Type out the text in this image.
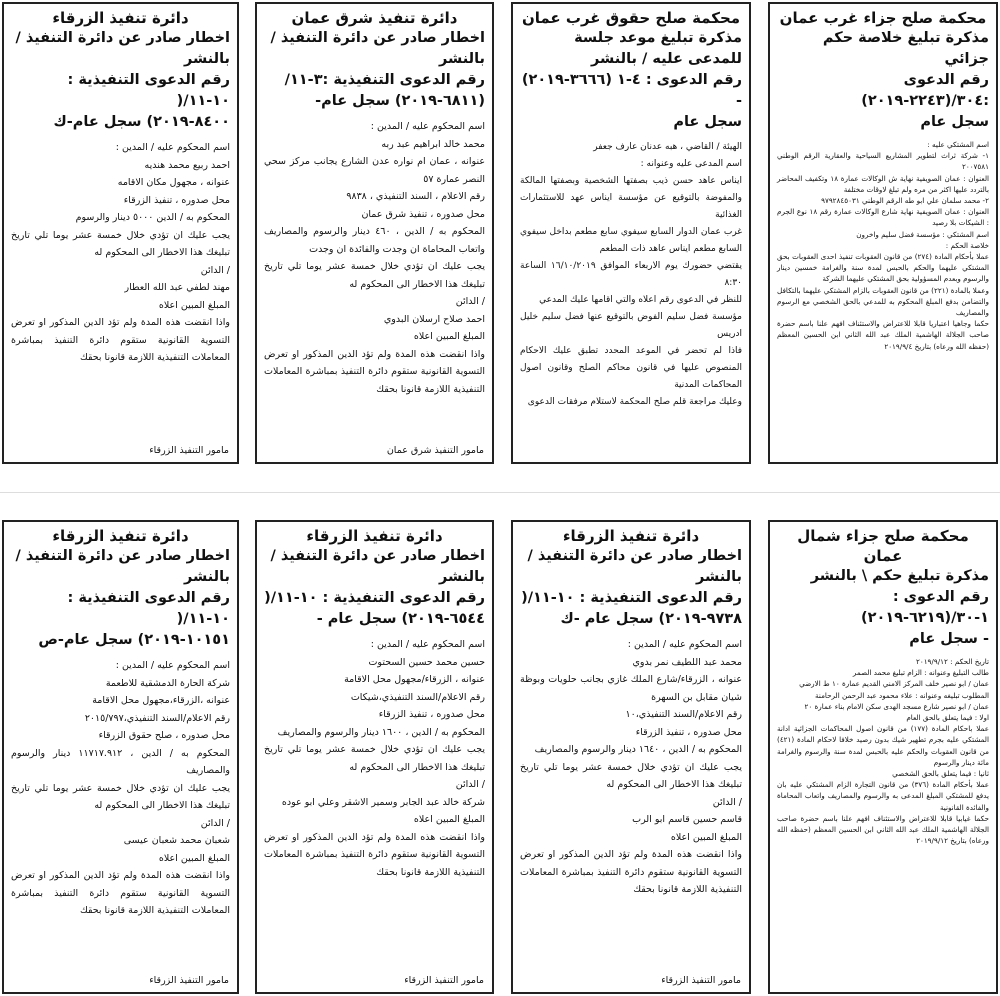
دائرة تنفيذ الزرقاء
اخطار صادر عن دائرة التنفيذ / بالنشر
رقم الدعوى التنفيذية : ١٠-١١/(
٨٤٠٠-٢٠١٩) سجل عام-ك

اسم المحكوم عليه / المدين :

احمد ربيع محمد هنديه

عنوانه ، مجهول مكان الاقامه

محل صدوره ، تنفيذ الزرقاء

المحكوم به / الدين ٥٠٠٠ دينار والرسوم

يجب عليك ان تؤدي خلال خمسة عشر يوما تلي تاريخ تبليغك هذا الاخطار الى المحكوم له

/ الدائن

مهند لطفي عبد الله العطار

المبلغ المبين اعلاه

واذا انقضت هذه المدة ولم تؤد الدين المذكور او تعرض التسوية القانونية ستقوم دائرة التنفيذ بمباشرة المعاملات التنفيذية اللازمة قانونا بحقك

مامور التنفيذ الزرقاء
دائرة تنفيذ شرق عمان
اخطار صادر عن دائرة التنفيذ / بالنشر
رقم الدعوى التنفيذية :٣-١١/
(٦٨١١-٢٠١٩) سجل عام-

اسم المحكوم عليه / المدين :

محمد خالد ابراهيم عبد ربه

عنوانه ، عمان ام نواره عدن الشارع يجانب مركز سحي النصر عمارة ٥٧

رقم الاعلام ، السند التنفيذي ، ٩٨٣٨

محل صدوره ، تنفيذ شرق عمان

المحكوم به / الدين ، ٤٦٠ دينار والرسوم والمصاريف واتعاب المحاماة ان وجدت والفائدة ان وجدت

يجب عليك ان تؤدي خلال خمسة عشر يوما تلي تاريخ تبليغك هذا الاخطار الى المحكوم له

/ الدائن

احمد صلاح ارسلان البدوي

المبلغ المبين اعلاه

واذا انقضت هذه المدة ولم تؤد الدين المذكور او تعرض التسوية القانونية ستقوم دائرة التنفيذ بمباشرة المعاملات التنفيذية اللازمة قانونا بحقك

مامور التنفيذ شرق عمان
محكمة صلح حقوق غرب عمان
مذكرة تبليغ موعد جلسة للمدعى عليه / بالنشر
رقم الدعوى : ٤-١ (٣٦٦٦-٢٠١٩) -
سجل عام

الهيئة / القاضي ، هبه عدنان عارف جعفر

اسم المدعى عليه وعنوانه :

ايناس عاهد حسن ذيب بصفتها الشخصية وبصفتها المالكة والمفوضة بالتوقيع عن مؤسسة ايناس عهد للاستثمارات الغذائية

غرب عمان الدوار السابع سيفوي سابع مطعم بداخل سيفوي السابع مطعم ايناس عاهد ذات المطعم

يقتضي حضورك يوم الاربعاء الموافق ١٦/١٠/٢٠١٩ الساعة ٨:٣٠

للنظر في الدعوى رقم اعلاه والتي اقامها عليك المدعي

مؤسسة فضل سليم الفوض بالتوقيع عنها فضل سليم خليل ادريس

فاذا لم تحضر في الموعد المحدد تطبق عليك الاحكام المنصوص عليها في قانون محاكم الصلح وقانون اصول المحاكمات المدنية

وعليك مراجعة قلم صلح المحكمة لاستلام مرفقات الدعوى

محكمة صلح جزاء غرب عمان
مذكرة تبليغ خلاصة حكم جزائي
رقم الدعوى :٣٠٤/(٢٢٤٣-٢٠١٩)
سجل عام

اسم المشتكي عليه :

١- شركة ثراث لتطوير المشاريع السياحية والعقارية الرقم الوطني ٢٠٠٧٥٨١

العنوان : عمان الصويفية نهاية ش الوكالات عمارة ١٨ وتكفيف المحاضر بالتردد عليها اكثر من مره ولم تبلغ لاوقات مختلفة

٢- محمد سلمان علي ابو طه الرقم الوطني ٩٧٩٢٨٤٥٠٣١

العنوان : عمان الصويفية نهاية شارع الوكالات عمارة رقم ١٨ نوع الجرم : الشيكات بلا رصيد

اسم المشتكي : مؤسسة فضل سليم واخرون

خلاصة الحكم :

عملا بأحكام المادة (٢٧٤) من قانون العقوبات تنفيذ احدى العقوبات بحق المشتكي عليهما والحكم بالحبس لمدة سنة والغرامة خمسين دينار والرسوم وبعدم المسؤولية بحق المشتكي عليهما الشركة

وعملا بالمادة (٢٢١) من قانون العقوبات بالزام المشتكي عليهما بالتكافل والتضامن بدفع المبلغ المحكوم به للمدعي بالحق الشخصي مع الرسوم والمصاريف

حكما وجاهيا اعتباريا قابلا للاعتراض والاستئناف افهم علنا باسم حضرة صاحب الجلالة الهاشمية الملك عبد الله الثاني ابن الحسين المعظم (حفظه الله ورعاه) بتاريخ ٢٠١٩/٩/٤

دائرة تنفيذ الزرقاء
اخطار صادر عن دائرة التنفيذ / بالنشر
رقم الدعوى التنفيذية : ١٠-١١/(
١٠١٥١-٢٠١٩) سجل عام-ص

اسم المحكوم عليه / المدين :

شركة الحارة الدمشقية للاطعمة

عنوانه ،الزرقاء،مجهول محل الاقامة

رقم الاعلام/السند التنفيذي،٢٠١٥/٧٩٧

محل صدوره ، صلح حقوق الزرقاء

المحكوم به / الدين ، ١١٧١٧.٩١٢ دينار والرسوم والمصاريف

يجب عليك ان تؤدي خلال خمسة عشر يوما تلي تاريخ تبليغك هذا الاخطار الى المحكوم له

/ الدائن

شعبان محمد شعبان عيسى

المبلغ المبين اعلاه

واذا انقضت هذه المدة ولم تؤد الدين المذكور او تعرض التسوية القانونية ستقوم دائرة التنفيذ بمباشرة المعاملات التنفيذية اللازمة قانونا بحقك

مامور التنفيذ الزرقاء
دائرة تنفيذ الزرقاء
اخطار صادر عن دائرة التنفيذ / بالنشر
رقم الدعوى التنفيذية : ١٠-١١/(
٦٥٤٤-٢٠١٩) سجل عام -

اسم المحكوم عليه / المدين :

حسين محمد حسين السحتوت

عنوانه ، الزرقاء/مجهول محل الاقامة

رقم الاعلام/السند التنفيذي،شيكات

محل صدوره ، تنفيذ الزرقاء

المحكوم به / الدين ، ١٦٠٠ دينار والرسوم والمصاريف

يجب عليك ان تؤدي خلال خمسة عشر يوما تلي تاريخ تبليغك هذا الاخطار الى المحكوم له

/ الدائن

شركة خالد عبد الجابر وسمير الاشقر وعلي ابو عوده

المبلغ المبين اعلاه

واذا انقضت هذه المدة ولم تؤد الدين المذكور او تعرض التسوية القانونية ستقوم دائرة التنفيذ بمباشرة المعاملات التنفيذية اللازمة قانونا بحقك

مامور التنفيذ الزرقاء
دائرة تنفيذ الزرقاء
اخطار صادر عن دائرة التنفيذ / بالنشر
رقم الدعوى التنفيذية : ١٠-١١/(
٩٧٣٨-٢٠١٩) سجل عام -ك

اسم المحكوم عليه / المدين :

محمد عبد اللطيف نمر بدوي

عنوانه ، الزرقاء/شارع الملك غازي بجانب حلويات وبوظة شيان مقابل بن السهرة

رقم الاعلام/السند التنفيذي،١٠

محل صدوره ، تنفيذ الزرقاء

المحكوم به / الدين ، ١٦٤٠ دينار والرسوم والمصاريف

يجب عليك ان تؤدي خلال خمسة عشر يوما تلي تاريخ تبليغك هذا الاخطار الى المحكوم له

/ الدائن

قاسم حسين قاسم ابو الرب

المبلغ المبين اعلاه

واذا انقضت هذه المدة ولم تؤد الدين المذكور او تعرض التسوية القانونية ستقوم دائرة التنفيذ بمباشرة المعاملات التنفيذية اللازمة قانونا بحقك

مامور التنفيذ الزرقاء
محكمة صلح جزاء شمال عمان
مذكرة تبليغ حكم \ بالنشر
رقم الدعوى : ١-٣٠/(٦٢١٩-٢٠١٩)
- سجل عام

تاريخ الحكم : ٢٠١٩/٩/١٢

طالب التبليغ وعنوانه : الزام تبليغ محمد الصمر

عمان / ابو نصير خلف المركز الامني القديم عمارة ١٠ ط الارضي

المطلوب تبليغه وعنوانه : علاء محمود عبد الرحمن الرحامنة

عمان / ابو نصير شارع مسجد الهدى سكن الامام بناء عمارة ٢٠

اولا : فيما يتعلق بالحق العام

عملا باحكام المادة (١٧٧) من قانون اصول المحاكمات الجزائية ادانة المشتكي عليه بجرم تطهير شيك بدون رصيد خلافا لاحكام المادة (٤٢١) من قانون العقوبات والحكم عليه بالحبس لمدة سنة والرسوم والغرامة مائة دينار والرسوم

ثانيا : فيما يتعلق بالحق الشخصي

عملا بأحكام المادة (٣٧٦) من قانون التجارة الزام المشتكي عليه بان يدفع للمشتكي المبلغ المدعى به والرسوم والمصاريف واتعاب المحاماة والفائدة القانونية

حكما غيابيا قابلا للاعتراض والاستئناف افهم علنا باسم حضرة صاحب الجلالة الهاشمية الملك عبد الله الثاني ابن الحسين المعظم (حفظه الله ورعاه) بتاريخ ٢٠١٩/٩/١٢
